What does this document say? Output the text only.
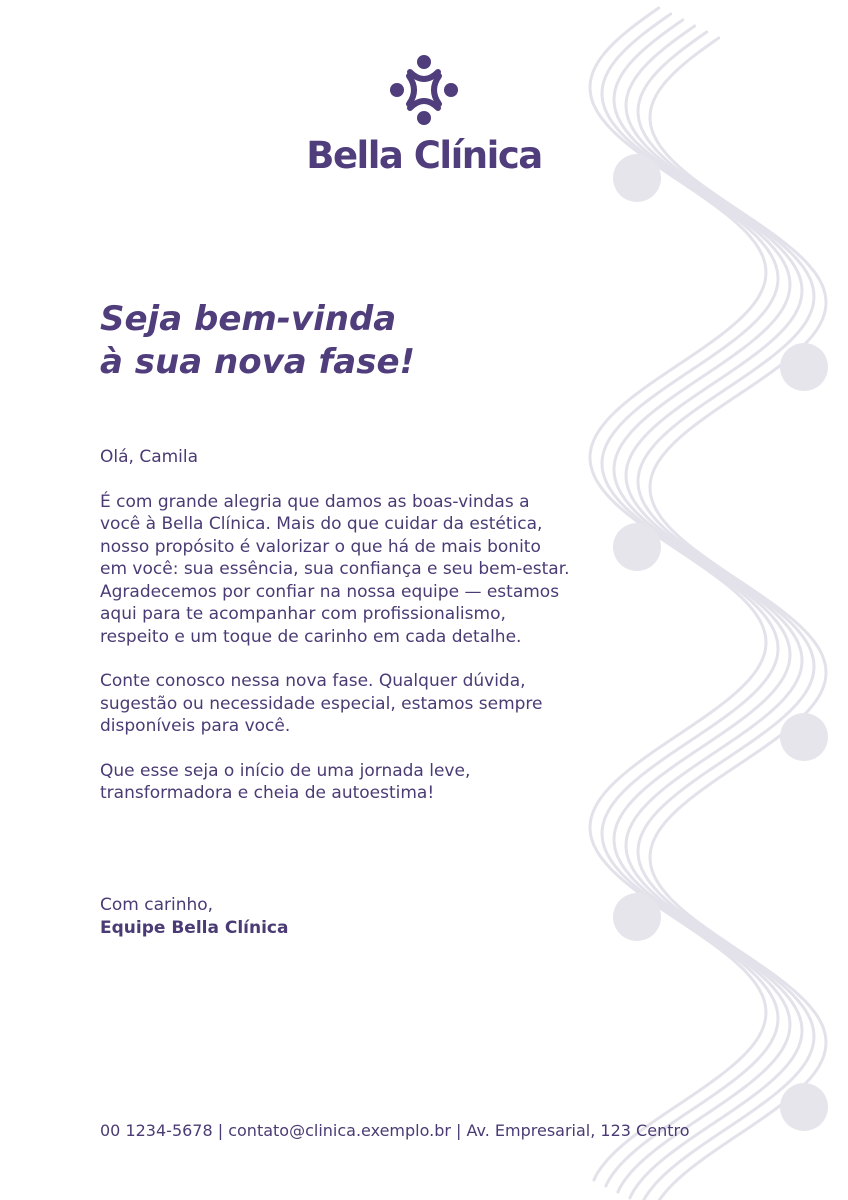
Bella Clínica
Seja bem-vinda
à sua nova fase!

Olá, Camila

É com grande alegria que damos as boas-vindas a você à Bella Clínica. Mais do que cuidar da estética, nosso propósito é valorizar o que há de mais bonito em você: sua essência, sua confiança e seu bem-estar. Agradecemos por confiar na nossa equipe — estamos aqui para te acompanhar com profissionalismo, respeito e um toque de carinho em cada detalhe.

Conte conosco nessa nova fase. Qualquer dúvida, sugestão ou necessidade especial, estamos sempre disponíveis para você.

Que esse seja o início de uma jornada leve, transformadora e cheia de autoestima!

Com carinho,
Equipe Bella Clínica
00 1234-5678 | contato@clinica.exemplo.br | Av. Empresarial, 123 Centro
